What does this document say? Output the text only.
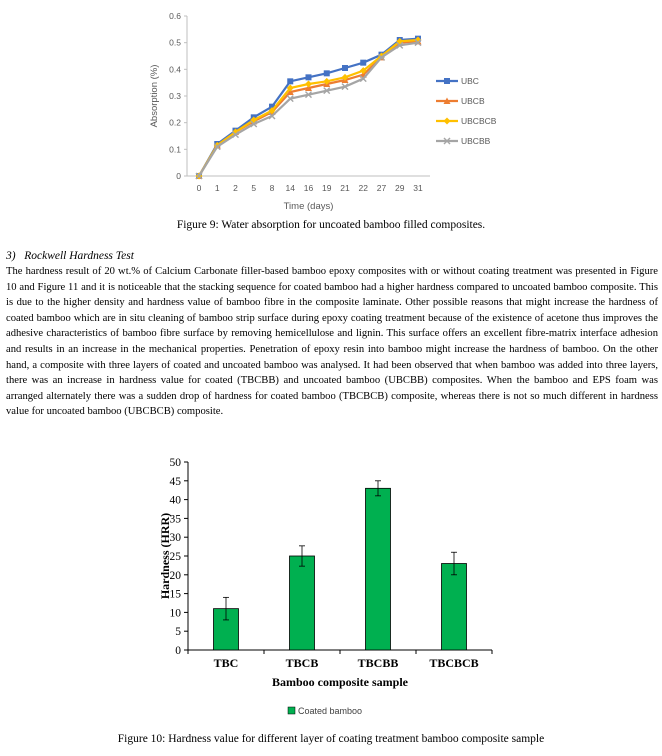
0
0.1
0.2
0.3
0.4
0.5
0.6
0 1 2 5 8 14 16 19 21 22 27 29 31
Time (days)
Absorption (%)	UBC
UBCB
UBCBCB
UBCBB
Figure 9: Water absorption for uncoated bamboo filled composites.
3) Rockwell Hardness Test

The hardness result of 20 wt.% of Calcium Carbonate filler-based bamboo epoxy composites with or without coating treatment was presented in Figure 10 and Figure 11 and it is noticeable that the stacking sequence for coated bamboo had a higher hardness compared to uncoated bamboo composite. This is due to the higher density and hardness value of bamboo fibre in the composite laminate. Other possible reasons that might increase the hardness of coated bamboo which are in situ cleaning of bamboo strip surface during epoxy coating treatment because of the existence of acetone thus improves the adhesive characteristics of bamboo fibre surface by removing hemicellulose and lignin. This surface offers an excellent fibre-matrix interface adhesion and results in an increase in the mechanical properties. Penetration of epoxy resin into bamboo might increase the hardness of bamboo. On the other hand, a composite with three layers of coated and uncoated bamboo was analysed. It had been observed that when bamboo was added into three layers, there was an increase in hardness value for coated (TBCBB) and uncoated bamboo (UBCBB) composites. When the bamboo and EPS foam was arranged alternately there was a sudden drop of hardness for coated bamboo (TBCBCB) composite, whereas there is not so much different in hardness value for uncoated bamboo (UBCBCB) composite.

0
5
10
15
20
25
30
35
40
45
50
TBC	TBCB	TBCBB	TBCBCB
Bamboo composite sample
Hardness (HRR)
Coated bamboo
Figure 10: Hardness value for different layer of coating treatment bamboo composite sample
